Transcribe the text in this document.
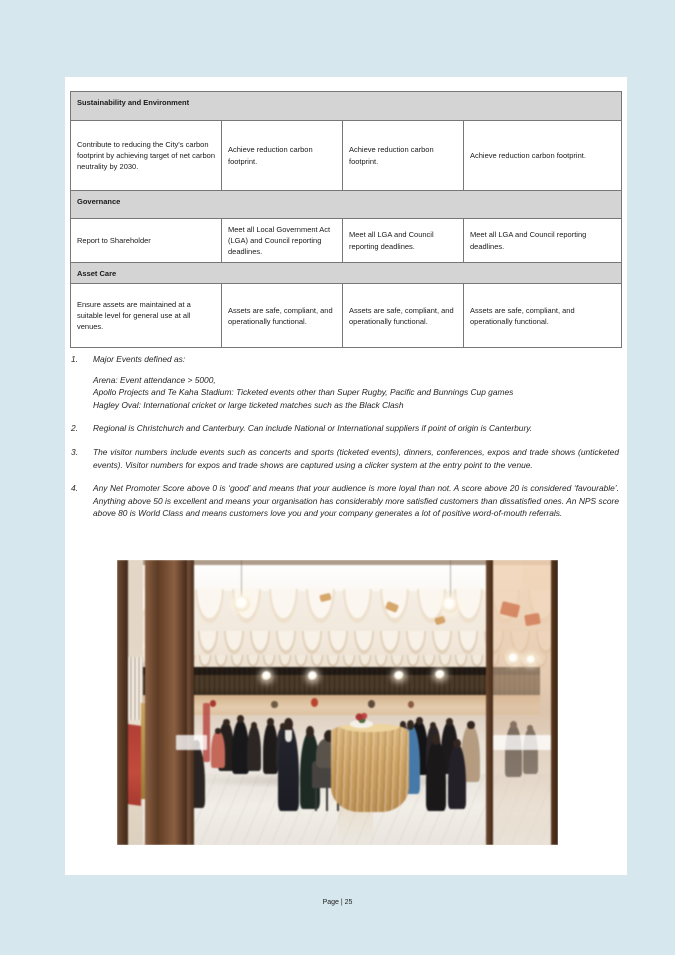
Sustainability and Environment			
Contribute to reducing the City's carbon footprint by achieving target of net carbon neutrality by 2030.	Achieve reduction carbon footprint.	Achieve reduction carbon footprint.	Achieve reduction carbon footprint.
Governance			
Report to Shareholder	Meet all Local Government Act (LGA) and Council reporting deadlines.	Meet all LGA and Council reporting deadlines.	Meet all LGA and Council reporting deadlines.
Asset Care			
Ensure assets are maintained at a suitable level for general use at all venues.	Assets are safe, compliant, and operationally functional.	Assets are safe, compliant, and operationally functional.	Assets are safe, compliant, and operationally functional.
1.	Major Events defined as:
Arena: Event attendance > 5000,
Apollo Projects and Te Kaha Stadium: Ticketed events other than Super Rugby, Pacific and Bunnings Cup games
Hagley Oval: International cricket or large ticketed matches such as the Black Clash
2.	Regional is Christchurch and Canterbury. Can include National or International suppliers if point of origin is Canterbury.
3.	The visitor numbers include events such as concerts and sports (ticketed events), dinners, conferences, expos and trade shows (unticketed events). Visitor numbers for expos and trade shows are captured using a clicker system at the entry point to the venue.
4.	Any Net Promoter Score above 0 is ‘good’ and means that your audience is more loyal than not. A score above 20 is considered ‘favourable’. Anything above 50 is excellent and means your organisation has considerably more satisfied customers than dissatisfied ones. An NPS score above 80 is World Class and means customers love you and your company generates a lot of positive word-of-mouth referrals.
Page | 25
